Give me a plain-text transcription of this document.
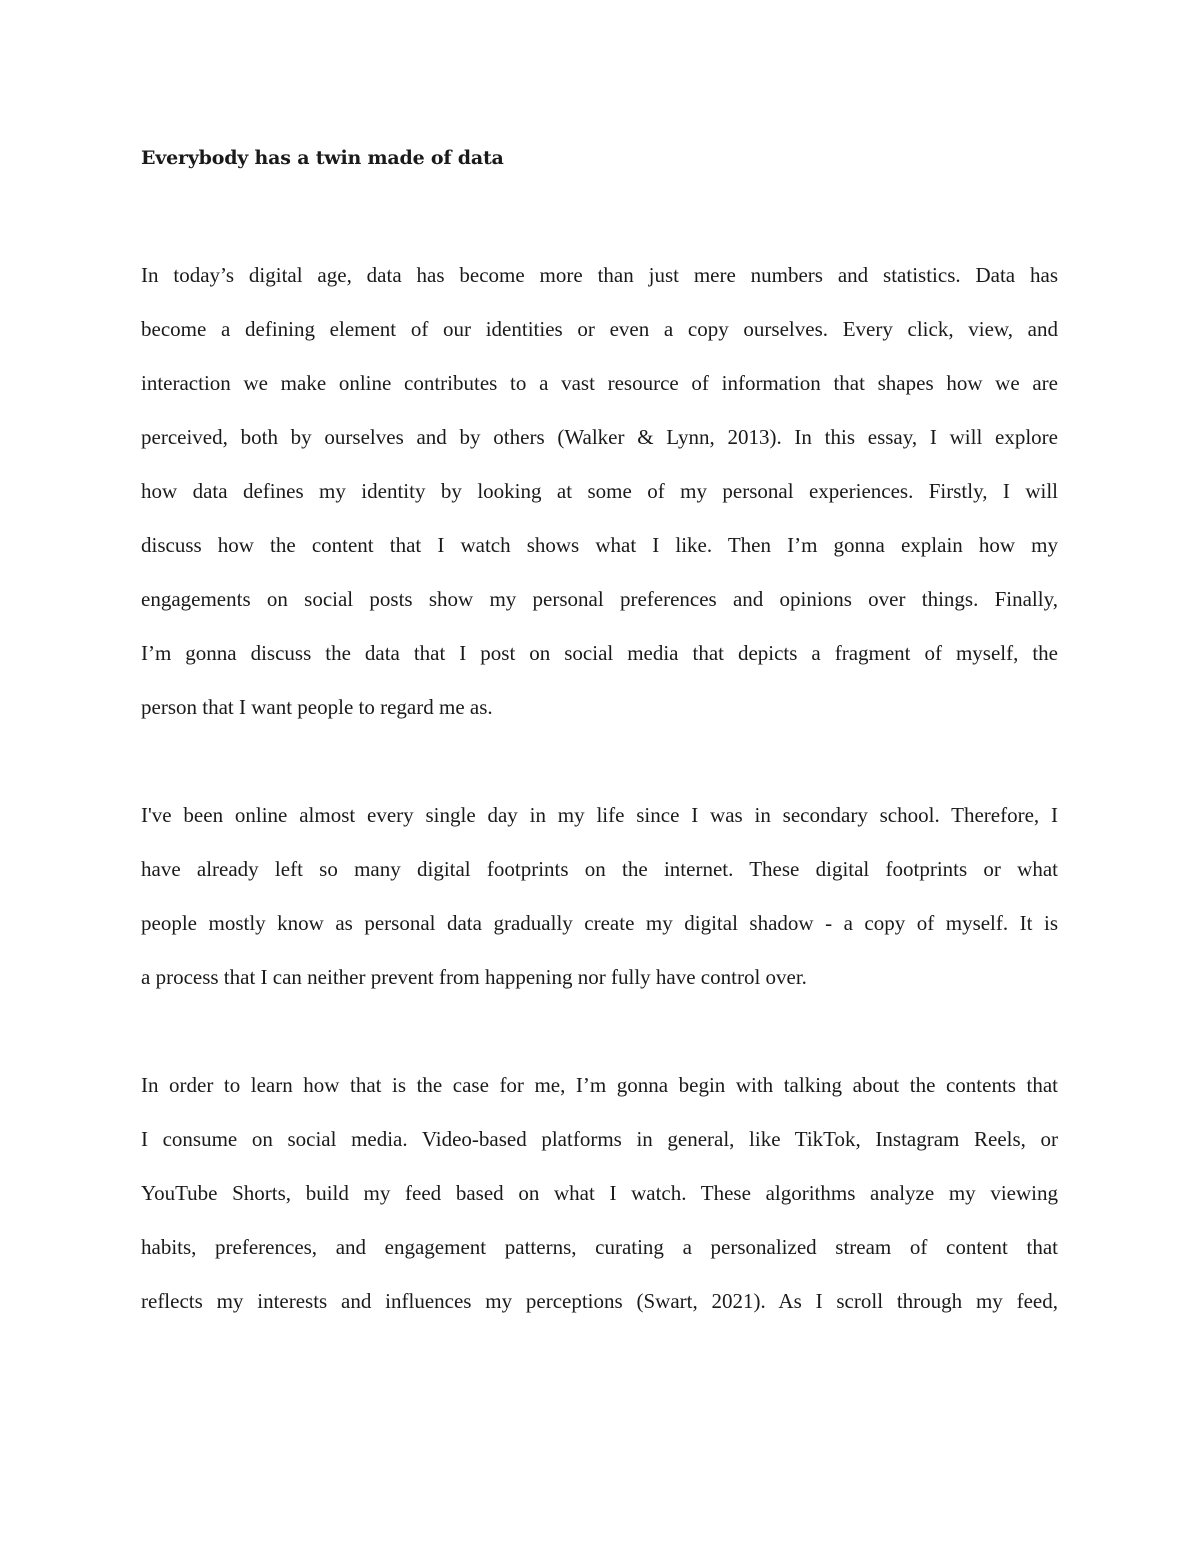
Everybody has a twin made of data
In today’s digital age, data has become more than just mere numbers and statistics. Data has
become a defining element of our identities or even a copy ourselves. Every click, view, and
interaction we make online contributes to a vast resource of information that shapes how we are
perceived, both by ourselves and by others (Walker & Lynn, 2013). In this essay, I will explore
how data defines my identity by looking at some of my personal experiences. Firstly, I will
discuss how the content that I watch shows what I like. Then I’m gonna explain how my
engagements on social posts show my personal preferences and opinions over things. Finally,
I’m gonna discuss the data that I post on social media that depicts a fragment of myself, the
person that I want people to regard me as.
I've been online almost every single day in my life since I was in secondary school. Therefore, I
have already left so many digital footprints on the internet. These digital footprints or what
people mostly know as personal data gradually create my digital shadow - a copy of myself. It is
a process that I can neither prevent from happening nor fully have control over.
In order to learn how that is the case for me, I’m gonna begin with talking about the contents that
I consume on social media. Video-based platforms in general, like TikTok, Instagram Reels, or
YouTube Shorts, build my feed based on what I watch. These algorithms analyze my viewing
habits, preferences, and engagement patterns, curating a personalized stream of content that
reflects my interests and influences my perceptions (Swart, 2021). As I scroll through my feed,
